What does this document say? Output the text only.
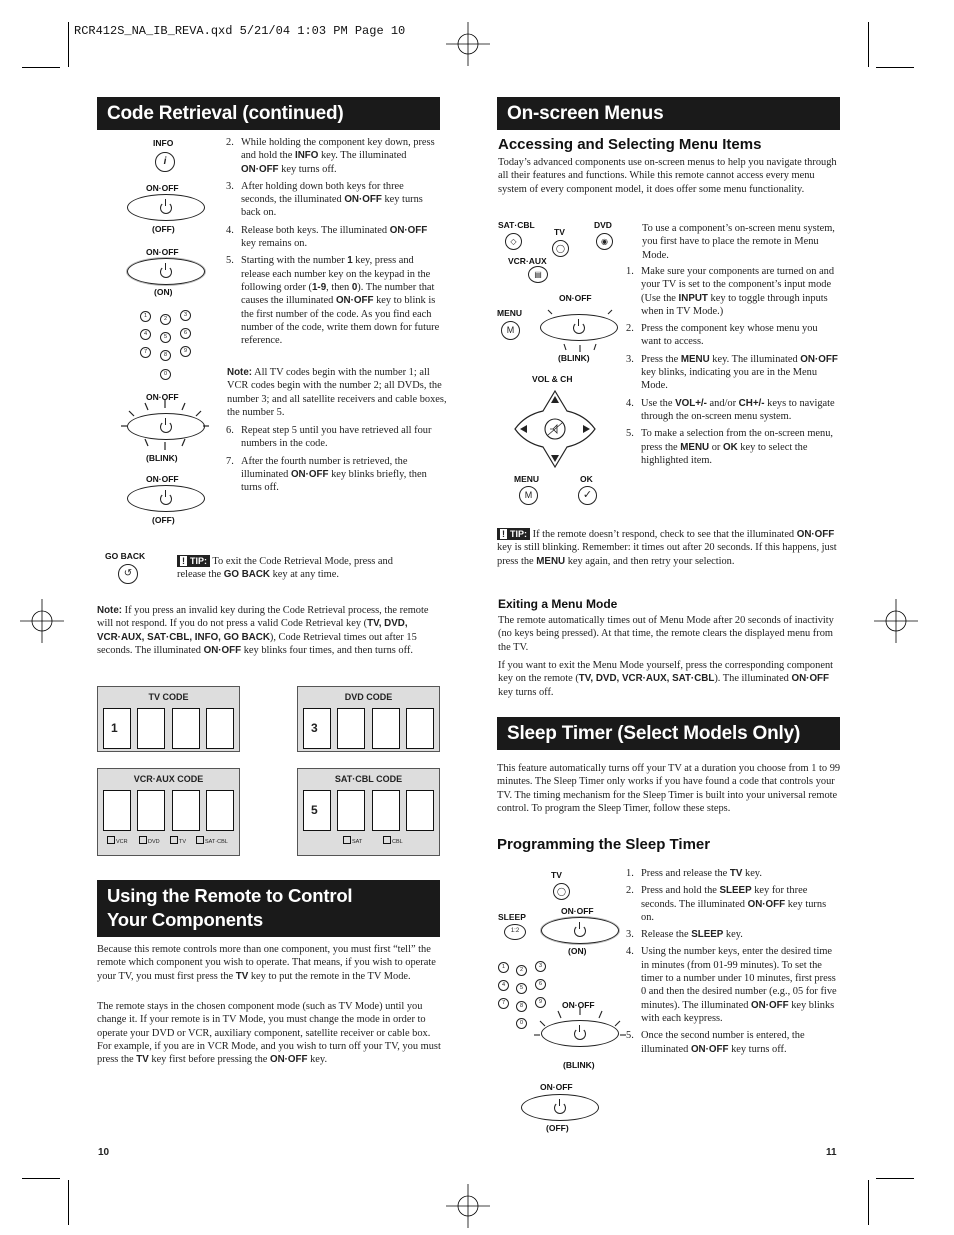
RCR412S_NA_IB_REVA.qxd 5/21/04 1:03 PM Page 10
Code Retrieval (continued)
INFO
i
ON·OFF
(OFF)
ON·OFF
(ON)
1	2
3
4	5
6
7	8
9
0
ON·OFF
(BLINK)
ON·OFF
(OFF)
2. While holding the component key down, press and hold the INFO key. The illuminated ON·OFF key turns off.
3. After holding down both keys for three seconds, the illuminated ON·OFF key turns back on.
4. Release both keys. The illuminated ON·OFF key remains on.
5. Starting with the number 1 key, press and release each number key on the keypad in the following order (1-9, then 0). The number that causes the illuminated ON·OFF key to blink is the first number of the code. As you find each number of the code, write them down for future reference.
Note: All TV codes begin with the number 1; all VCR codes begin with the number 2; all DVDs, the number 3; and all satellite receivers and cable boxes, the number 5.
6. Repeat step 5 until you have retrieved all four numbers in the code.
7. After the fourth number is retrieved, the illuminated ON·OFF key blinks briefly, then turns off.
GO BACK
↺
! TIP: To exit the Code Retrieval Mode, press and release the GO BACK key at any time.
Note: If you press an invalid key during the Code Retrieval process, the remote will not respond. If you do not press a valid Code Retrieval key (TV, DVD, VCR·AUX, SAT·CBL, INFO, GO BACK), Code Retrieval times out after 15 seconds. The illuminated ON·OFF key blinks four times, and then turns off.
TV CODE
1
DVD CODE
3
VCR·AUX CODE
VCR	DVD	TV	SAT·CBL
SAT·CBL CODE
5
SAT	CBL
Using the Remote to Control
Your Components
Because this remote controls more than one component, you must first “tell” the remote which component you wish to operate. That means, if you wish to operate your TV, you must first press the TV key to put the remote in the TV Mode.
The remote stays in the chosen component mode (such as TV Mode) until you change it. If your remote is in TV Mode, you must change the mode in order to operate your DVD or VCR, auxiliary component, satellite receiver or cable box. For example, if you are in VCR Mode, and you wish to turn off your TV, you must press the TV key first before pressing the ON·OFF key.
10
On-screen Menus
Accessing and Selecting Menu Items
Today’s advanced components use on-screen menus to help you navigate through all their features and functions. While this remote cannot access every menu system of every component model, it does offer some menu functionality.
SAT·CBL
TV
DVD
◇
◯
◉
VCR·AUX
▤
ON·OFF
MENU
M
(BLINK)
VOL & CH
MENU	OK
M	✓
To use a component’s on-screen menu system, you first have to place the remote in Menu Mode.
1. Make sure your components are turned on and your TV is set to the component’s input mode (Use the INPUT key to toggle through inputs when in TV Mode.)
2. Press the component key whose menu you want to access.
3. Press the MENU key. The illuminated ON·OFF key blinks, indicating you are in the Menu Mode.
4. Use the VOL+/- and/or CH+/- keys to navigate through the on-screen menu system.
5. To make a selection from the on-screen menu, press the MENU or OK key to select the highlighted item.
! TIP: If the remote doesn’t respond, check to see that the illuminated ON·OFF key is still blinking. Remember: it times out after 20 seconds. If this happens, just press the MENU key again, and then retry your selection.
Exiting a Menu Mode
The remote automatically times out of Menu Mode after 20 seconds of inactivity (no keys being pressed). At that time, the remote clears the displayed menu from the TV.
If you want to exit the Menu Mode yourself, press the corresponding component key on the remote (TV, DVD, VCR·AUX, SAT·CBL). The illuminated ON·OFF key turns off.
Sleep Timer (Select Models Only)
This feature automatically turns off your TV at a duration you choose from 1 to 99 minutes. The Sleep Timer only works if you have found a code that controls your TV. The timing mechanism for the Sleep Timer is built into your universal remote control. To program the Sleep Timer, follow these steps.
Programming the Sleep Timer
TV
◯
SLEEP
1:2
ON·OFF
(ON)
1	2
3
4	5
6
7	8
9
0
ON·OFF
(BLINK)
ON·OFF
(OFF)
1. Press and release the TV key.
2. Press and hold the SLEEP key for three seconds. The illuminated ON·OFF key turns on.
3. Release the SLEEP key.
4. Using the number keys, enter the desired time in minutes (from 01-99 minutes). To set the timer to a number under 10 minutes, first press 0 and then the desired number (e.g., 05 for five minutes). The illuminated ON·OFF key blinks with each keypress.
5. Once the second number is entered, the illuminated ON·OFF key turns off.
11
